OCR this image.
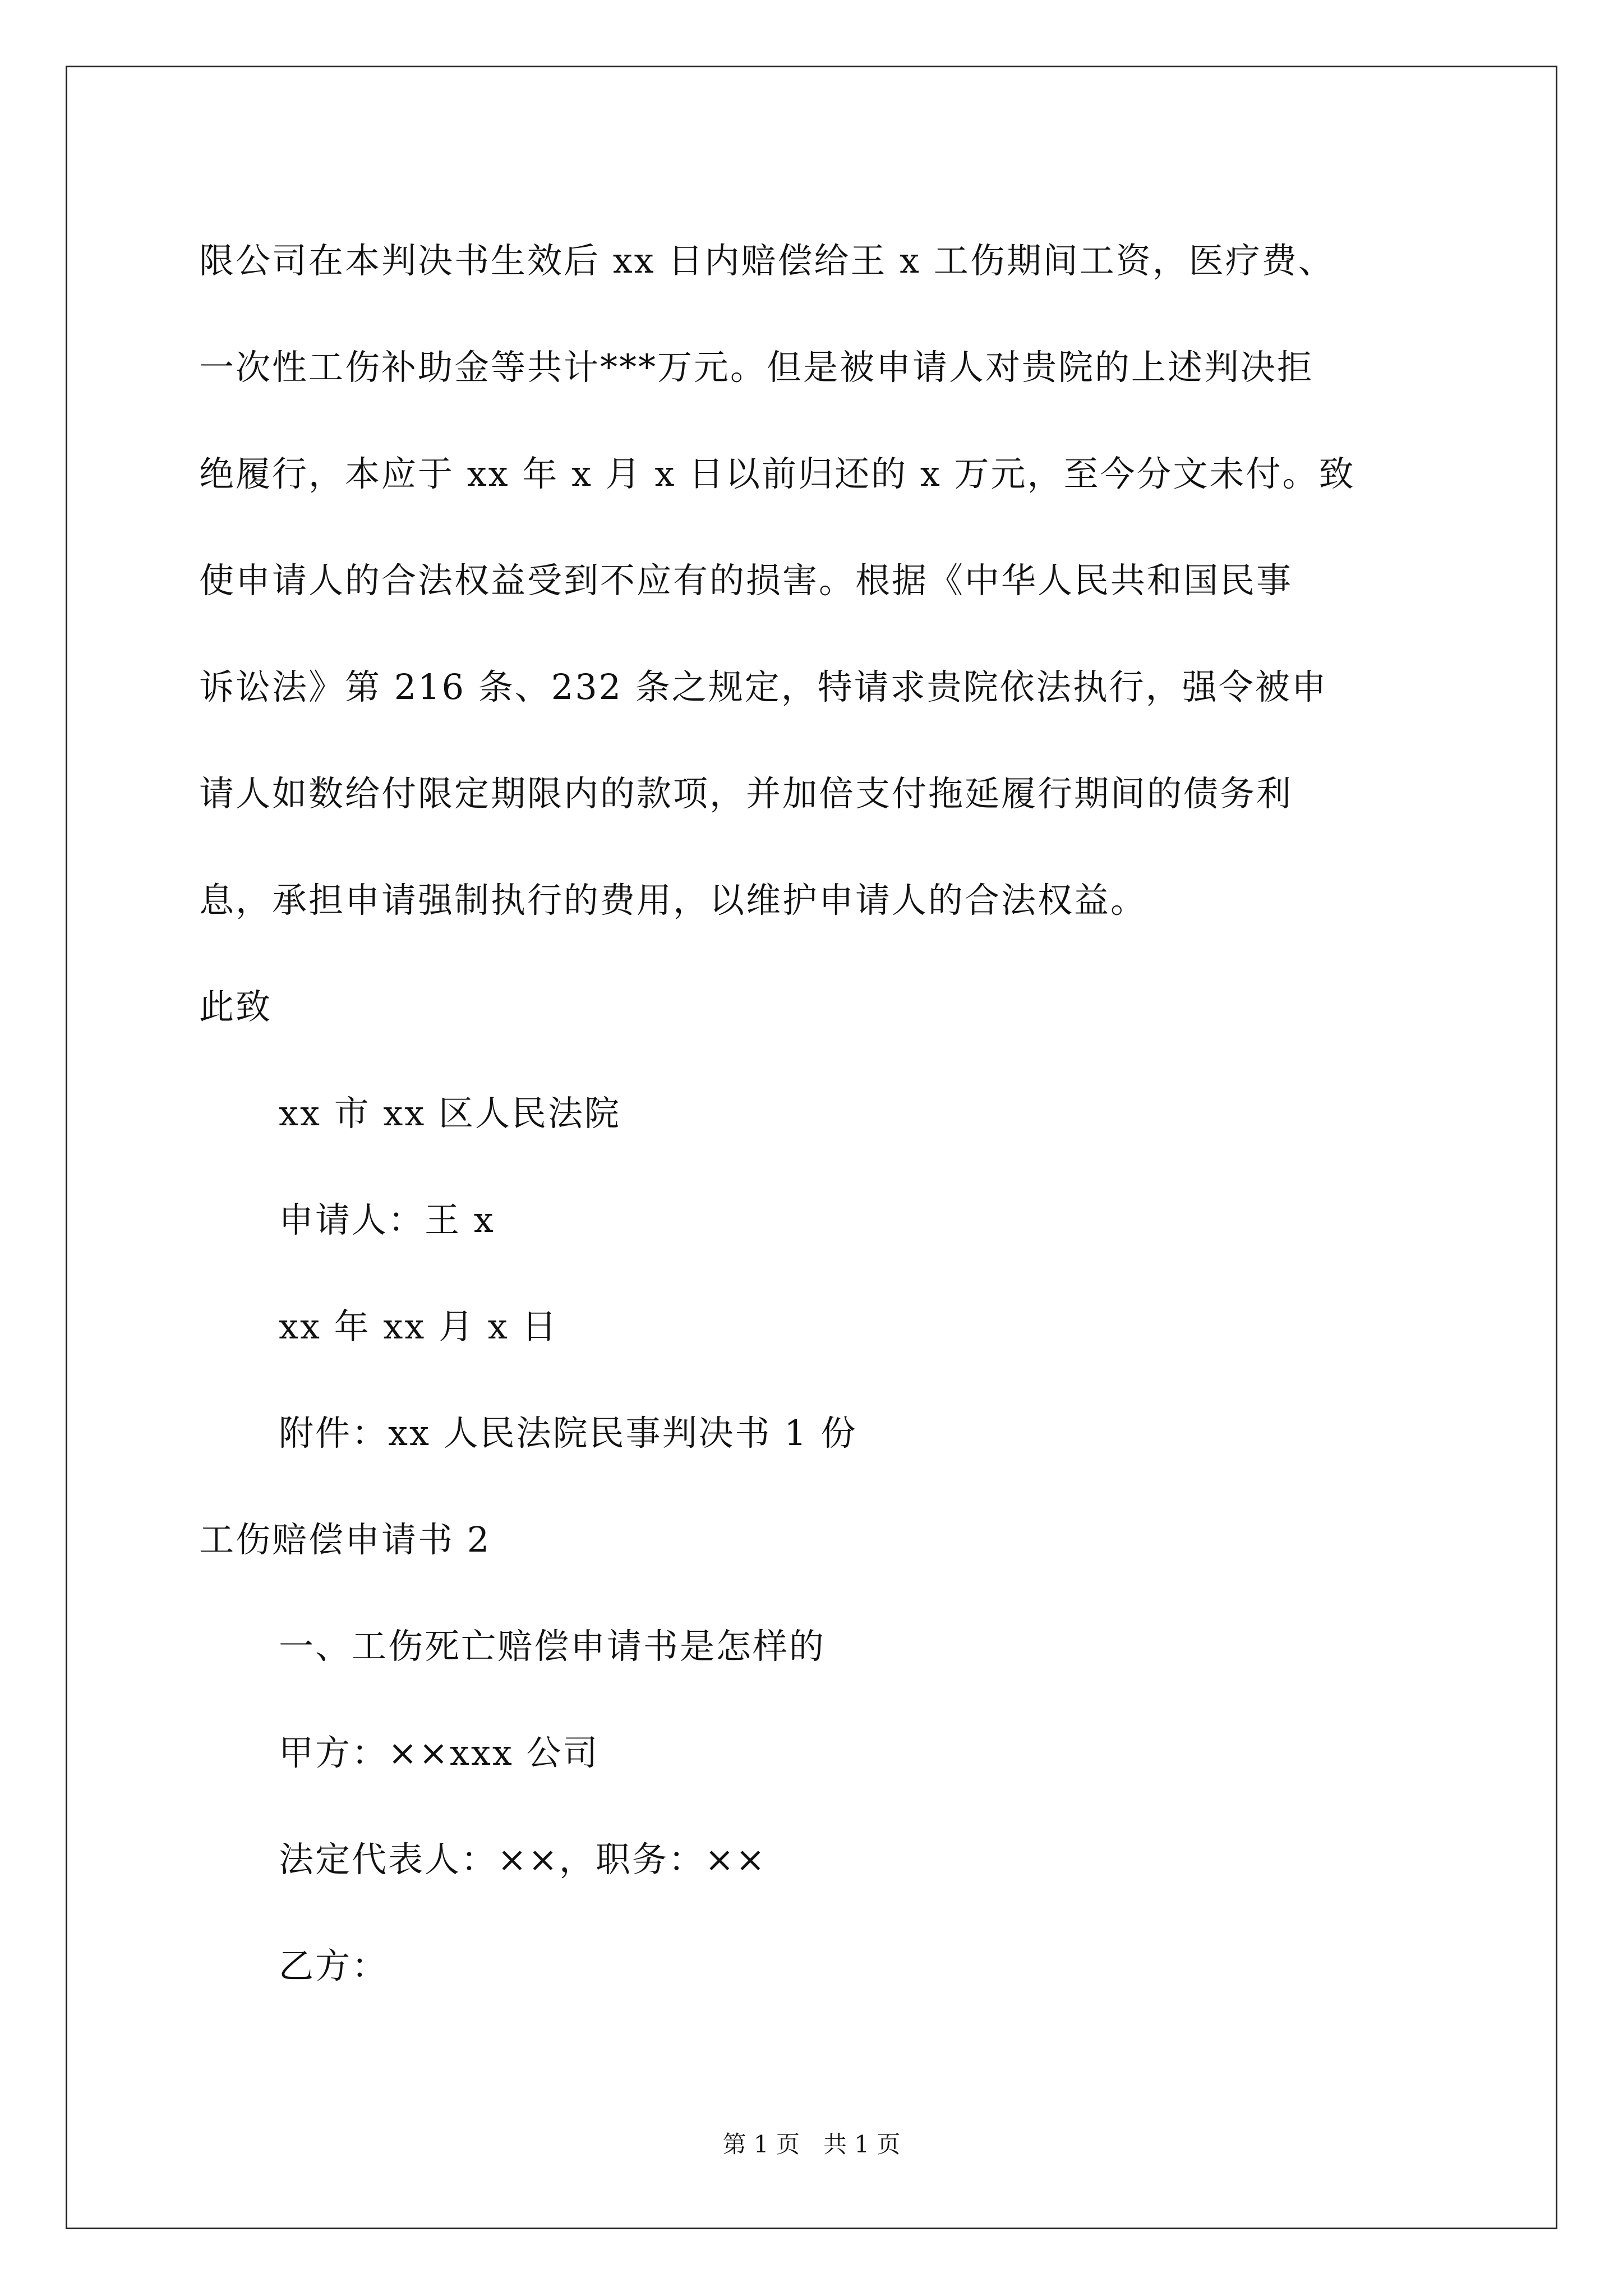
限公司在本判决书生效后 xx 日内赔偿给王 x 工伤期间工资，医疗费、

一次性工伤补助金等共计***万元。但是被申请人对贵院的上述判决拒

绝履行，本应于 xx 年 x 月 x 日以前归还的 x 万元，至今分文未付。致

使申请人的合法权益受到不应有的损害。根据《中华人民共和国民事

诉讼法》第 216 条、232 条之规定，特请求贵院依法执行，强令被申

请人如数给付限定期限内的款项，并加倍支付拖延履行期间的债务利

息，承担申请强制执行的费用，以维护申请人的合法权益。

此致

xx 市 xx 区人民法院

申请人：王 x

xx 年 xx 月 x 日

附件：xx 人民法院民事判决书 1 份

工伤赔偿申请书 2

一、工伤死亡赔偿申请书是怎样的

甲方：××xxx 公司

法定代表人：××，职务：××

乙方：

第 1 页　共 1 页
